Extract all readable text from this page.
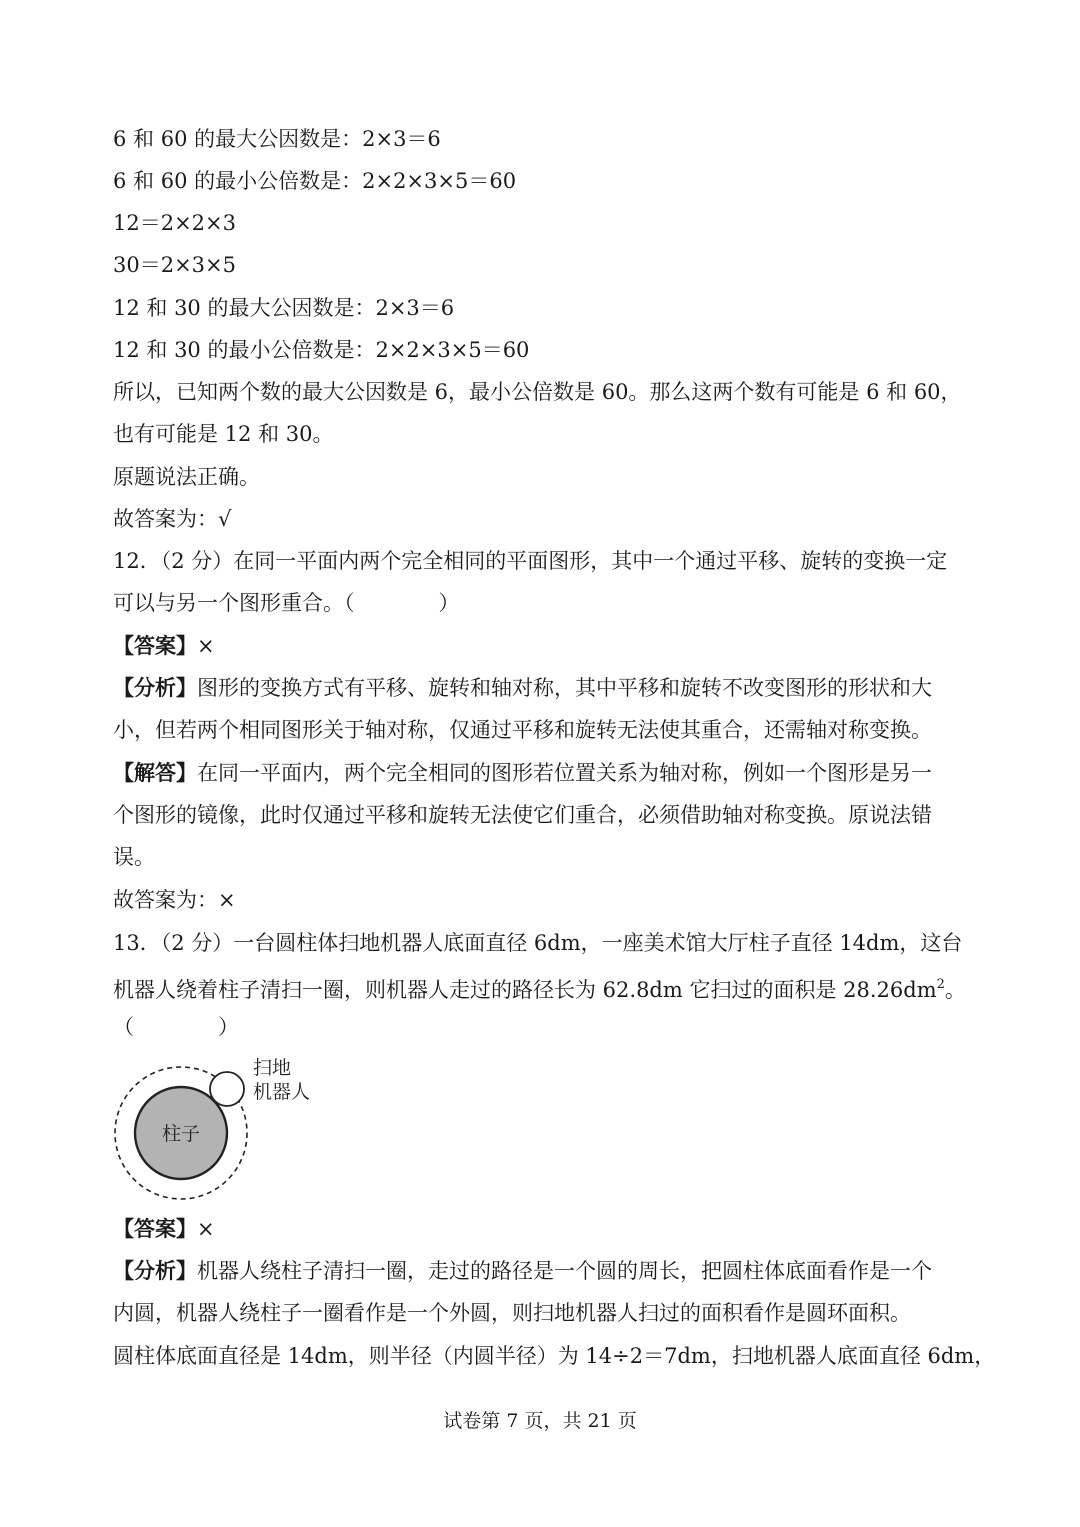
6 和 60 的最大公因数是：2×3＝6
6 和 60 的最小公倍数是：2×2×3×5＝60
12＝2×2×3
30＝2×3×5
12 和 30 的最大公因数是：2×3＝6
12 和 30 的最小公倍数是：2×2×3×5＝60
所以，已知两个数的最大公因数是 6，最小公倍数是 60。那么这两个数有可能是 6 和 60，
也有可能是 12 和 30。
原题说法正确。
故答案为：√
12．（2 分）在同一平面内两个完全相同的平面图形，其中一个通过平移、旋转的变换一定
可以与另一个图形重合。（　　　　）
【答案】×
【分析】图形的变换方式有平移、旋转和轴对称，其中平移和旋转不改变图形的形状和大
小，但若两个相同图形关于轴对称，仅通过平移和旋转无法使其重合，还需轴对称变换。
【解答】在同一平面内，两个完全相同的图形若位置关系为轴对称，例如一个图形是另一
个图形的镜像，此时仅通过平移和旋转无法使它们重合，必须借助轴对称变换。原说法错
误。
故答案为：×
13．（2 分）一台圆柱体扫地机器人底面直径 6dm，一座美术馆大厅柱子直径 14dm，这台
机器人绕着柱子清扫一圈，则机器人走过的路径长为 62.8dm 它扫过的面积是 $28.26dm^2$。
（　　　　）
柱子
扫地
机器人
【答案】×
【分析】机器人绕柱子清扫一圈，走过的路径是一个圆的周长，把圆柱体底面看作是一个
内圆，机器人绕柱子一圈看作是一个外圆，则扫地机器人扫过的面积看作是圆环面积。
圆柱体底面直径是 14dm，则半径（内圆半径）为 14÷2＝7dm，扫地机器人底面直径 6dm，
试卷第 7 页，共 21 页
